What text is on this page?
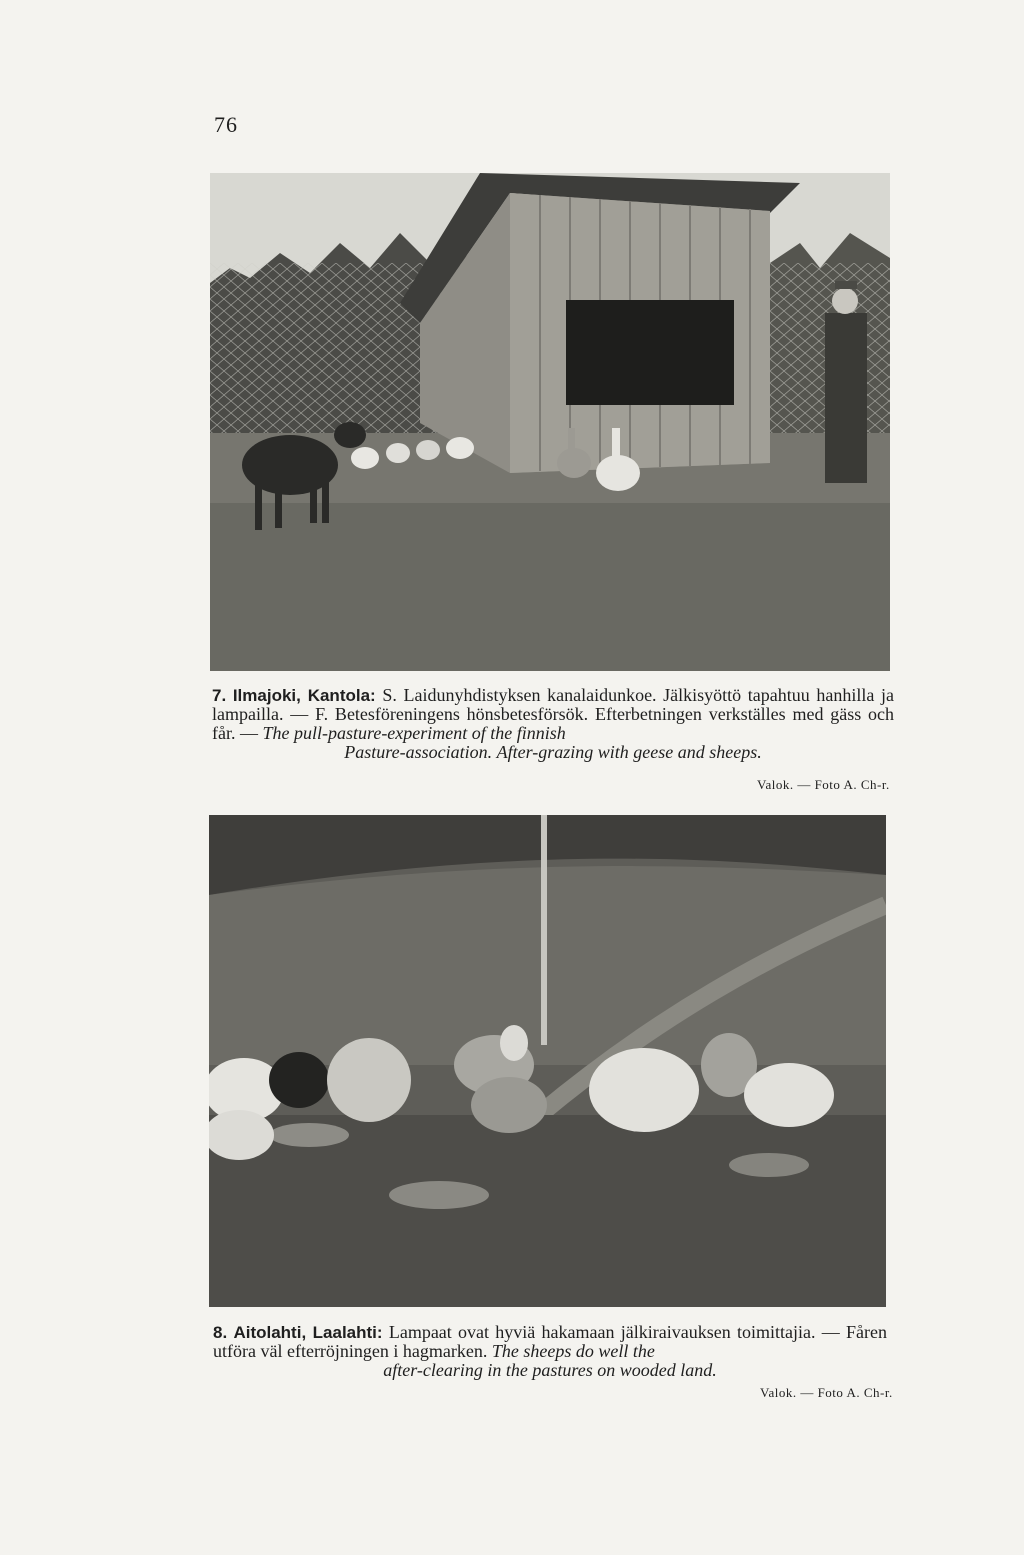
76
7. Ilmajoki, Kantola: S. Laidunyhdistyksen kanalaidunkoe. Jälkisyöttö tapahtuu hanhilla ja lampailla. — F. Betesföreningens hönsbetesförsök. Efterbetningen verkställes med gäss och får. — The pull-pasture-experiment of the finnish
Pasture-association. After-grazing with geese and sheeps.
Valok. — Foto A. Ch-r.
8. Aitolahti, Laalahti: Lampaat ovat hyviä hakamaan jälkiraivauksen toimittajia. — Fåren utföra väl efterröjningen i hagmarken. The sheeps do well the
after-clearing in the pastures on wooded land.
Valok. — Foto A. Ch-r.
